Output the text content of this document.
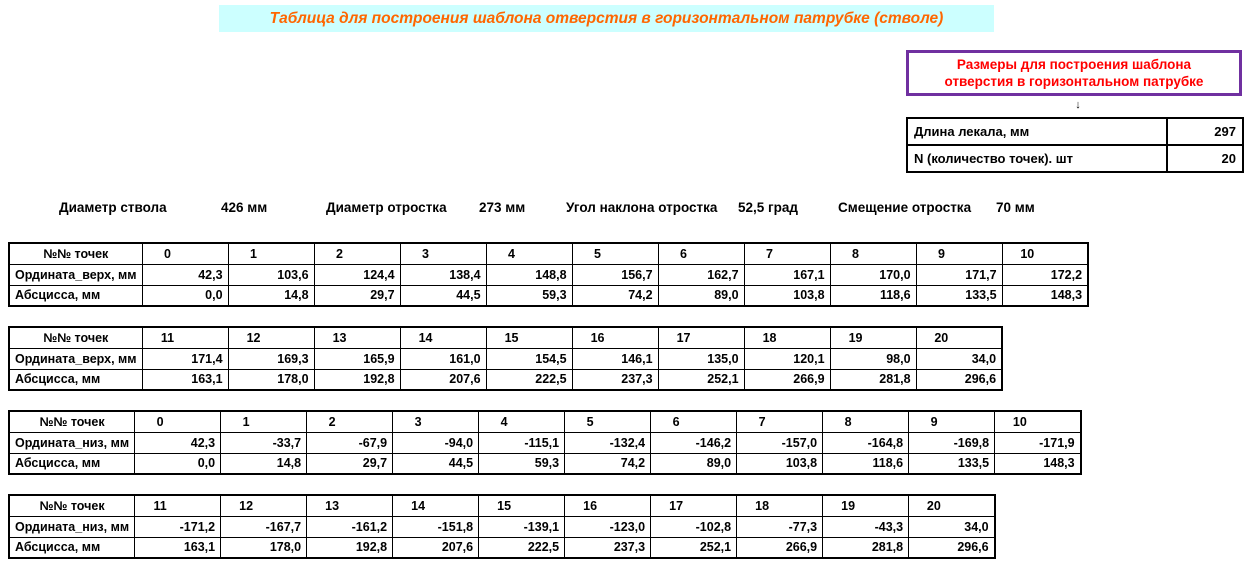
Таблица для построения шаблона отверстия в горизонтальном патрубке (стволе)
Размеры для построения шаблона
отверстия в горизонтальном патрубке
↓
Длина лекала, мм	297
N (количество точек). шт	20
Диаметр ствола	426 мм	Диаметр отростка 273 мм	Угол наклона отростка 52,5 град	Смещение отростка 70 мм
№№ точек	0	1	2	3	4	5	6	7	8	9	10
Ордината_верх, мм	42,3	103,6	124,4	138,4	148,8	156,7	162,7	167,1	170,0	171,7	172,2
Абсцисса, мм	0,0	14,8	29,7	44,5	59,3	74,2	89,0	103,8	118,6	133,5	148,3
№№ точек	11	12	13	14	15	16	17	18	19	20
Ордината_верх, мм	171,4	169,3	165,9	161,0	154,5	146,1	135,0	120,1	98,0	34,0
Абсцисса, мм	163,1	178,0	192,8	207,6	222,5	237,3	252,1	266,9	281,8	296,6
№№ точек	0	1	2	3	4	5	6	7	8	9	10
Ордината_низ, мм	42,3	-33,7	-67,9	-94,0	-115,1	-132,4	-146,2	-157,0	-164,8	-169,8	-171,9
Абсцисса, мм	0,0	14,8	29,7	44,5	59,3	74,2	89,0	103,8	118,6	133,5	148,3
№№ точек	11	12	13	14	15	16	17	18	19	20
Ордината_низ, мм	-171,2	-167,7	-161,2	-151,8	-139,1	-123,0	-102,8	-77,3	-43,3	34,0
Абсцисса, мм	163,1	178,0	192,8	207,6	222,5	237,3	252,1	266,9	281,8	296,6
